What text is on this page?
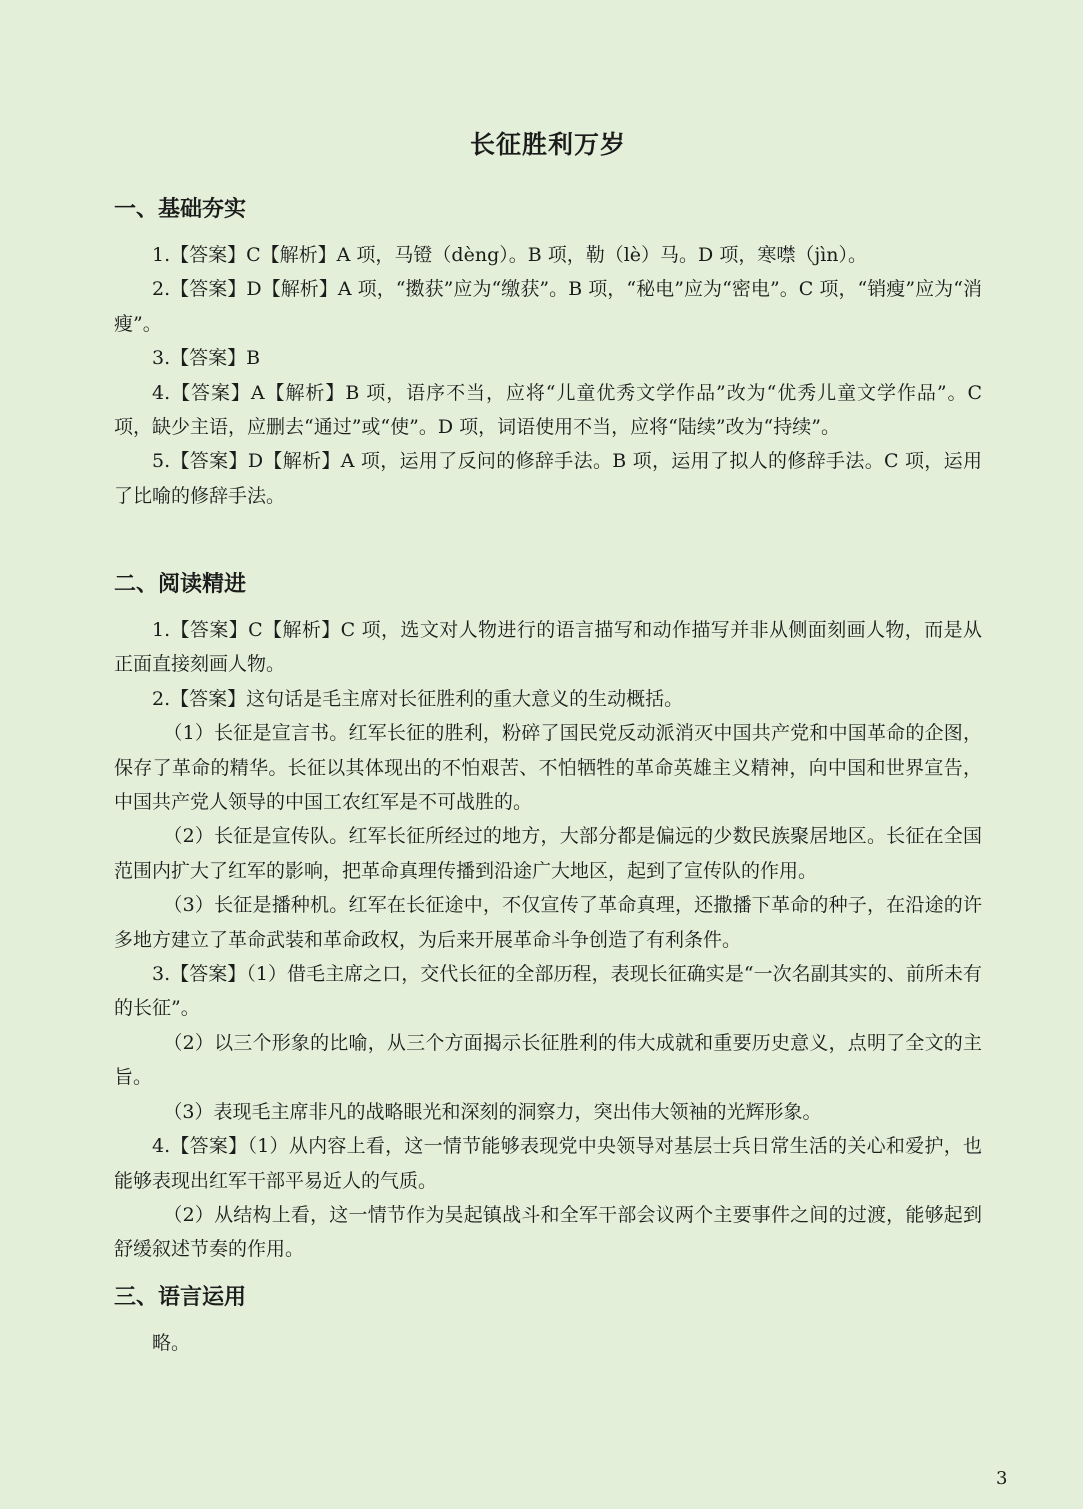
长征胜利万岁
一、基础夯实

1.【答案】C【解析】A 项，马镫（dèng）。B 项，勒（lè）马。D 项，寒噤（jìn）。

2.【答案】D【解析】A 项，“擞获”应为“缴获”。B 项，“秘电”应为“密电”。C 项，“销瘦”应为“消瘦”。

3.【答案】B

4.【答案】A【解析】B 项，语序不当，应将“儿童优秀文学作品”改为“优秀儿童文学作品”。C 项，缺少主语，应删去“通过”或“使”。D 项，词语使用不当，应将“陆续”改为“持续”。

5.【答案】D【解析】A 项，运用了反问的修辞手法。B 项，运用了拟人的修辞手法。C 项，运用了比喻的修辞手法。

二、阅读精进

1.【答案】C【解析】C 项，选文对人物进行的语言描写和动作描写并非从侧面刻画人物，而是从正面直接刻画人物。

2.【答案】这句话是毛主席对长征胜利的重大意义的生动概括。

（1）长征是宣言书。红军长征的胜利，粉碎了国民党反动派消灭中国共产党和中国革命的企图，保存了革命的精华。长征以其体现出的不怕艰苦、不怕牺牲的革命英雄主义精神，向中国和世界宣告，中国共产党人领导的中国工农红军是不可战胜的。

（2）长征是宣传队。红军长征所经过的地方，大部分都是偏远的少数民族聚居地区。长征在全国范围内扩大了红军的影响，把革命真理传播到沿途广大地区，起到了宣传队的作用。

（3）长征是播种机。红军在长征途中，不仅宣传了革命真理，还撒播下革命的种子，在沿途的许多地方建立了革命武装和革命政权，为后来开展革命斗争创造了有利条件。

3.【答案】（1）借毛主席之口，交代长征的全部历程，表现长征确实是“一次名副其实的、前所未有的长征”。

（2）以三个形象的比喻，从三个方面揭示长征胜利的伟大成就和重要历史意义，点明了全文的主旨。

（3）表现毛主席非凡的战略眼光和深刻的洞察力，突出伟大领袖的光辉形象。

4.【答案】（1）从内容上看，这一情节能够表现党中央领导对基层士兵日常生活的关心和爱护，也能够表现出红军干部平易近人的气质。

（2）从结构上看，这一情节作为吴起镇战斗和全军干部会议两个主要事件之间的过渡，能够起到舒缓叙述节奏的作用。

三、语言运用

略。

3
